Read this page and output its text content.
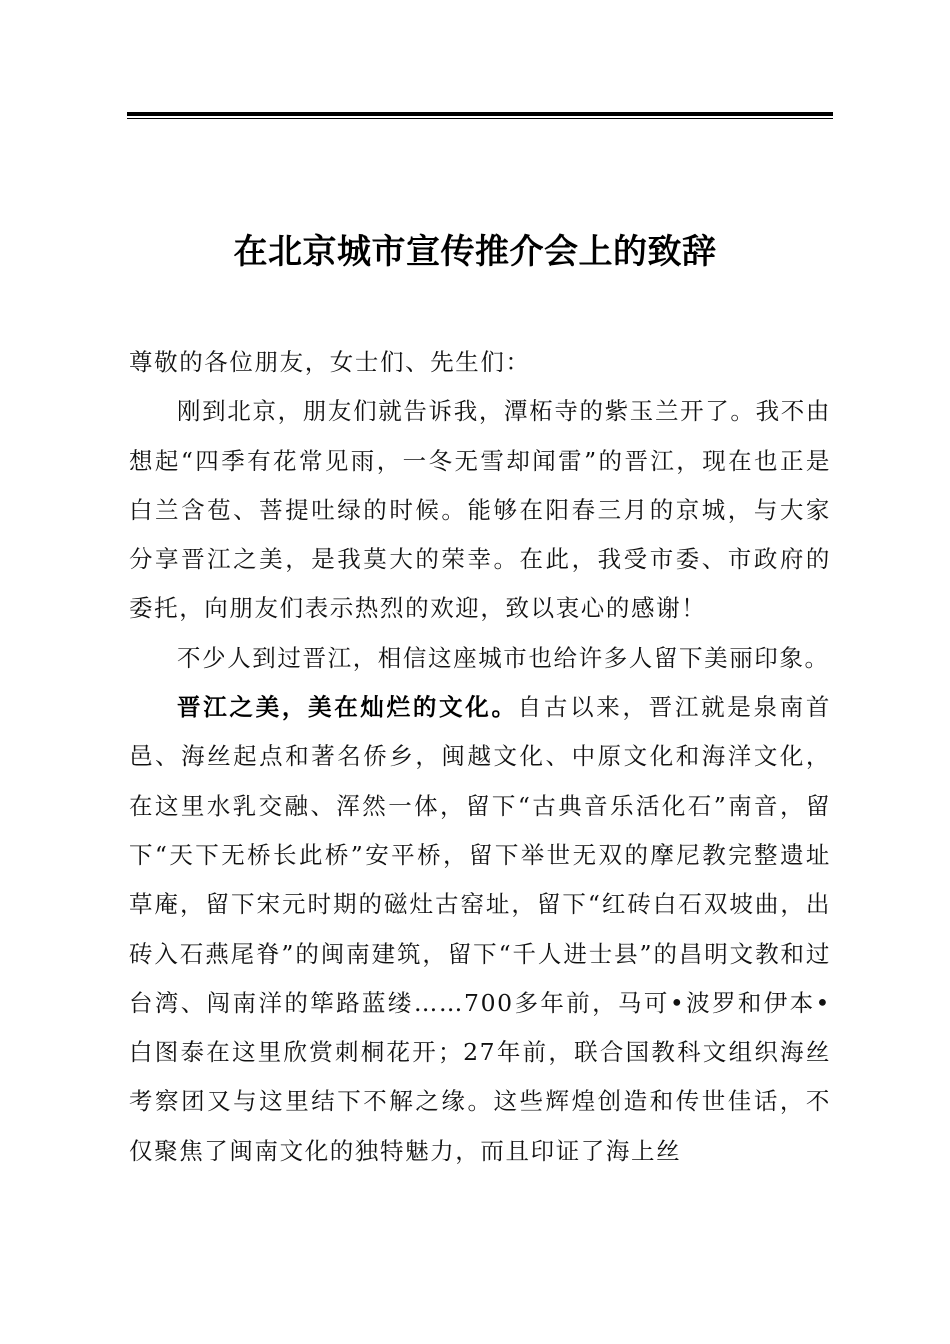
在北京城市宣传推介会上的致辞

尊敬的各位朋友，女士们、先生们：

刚到北京，朋友们就告诉我，潭柘寺的紫玉兰开了。我不由想起“四季有花常见雨，一冬无雪却闻雷”的晋江，现在也正是白兰含苞、菩提吐绿的时候。能够在阳春三月的京城，与大家分享晋江之美，是我莫大的荣幸。在此，我受市委、市政府的委托，向朋友们表示热烈的欢迎，致以衷心的感谢！

不少人到过晋江，相信这座城市也给许多人留下美丽印象。

晋江之美，美在灿烂的文化。自古以来，晋江就是泉南首邑、海丝起点和著名侨乡，闽越文化、中原文化和海洋文化，在这里水乳交融、浑然一体，留下“古典音乐活化石”南音，留下“天下无桥长此桥”安平桥，留下举世无双的摩尼教完整遗址草庵，留下宋元时期的磁灶古窑址，留下“红砖白石双坡曲，出砖入石燕尾脊”的闽南建筑，留下“千人进士县”的昌明文教和过台湾、闯南洋的筚路蓝缕……700多年前，马可•波罗和伊本•白图泰在这里欣赏刺桐花开；27年前，联合国教科文组织海丝考察团又与这里结下不解之缘。这些辉煌创造和传世佳话，不仅聚焦了闽南文化的独特魅力，而且印证了海上丝
